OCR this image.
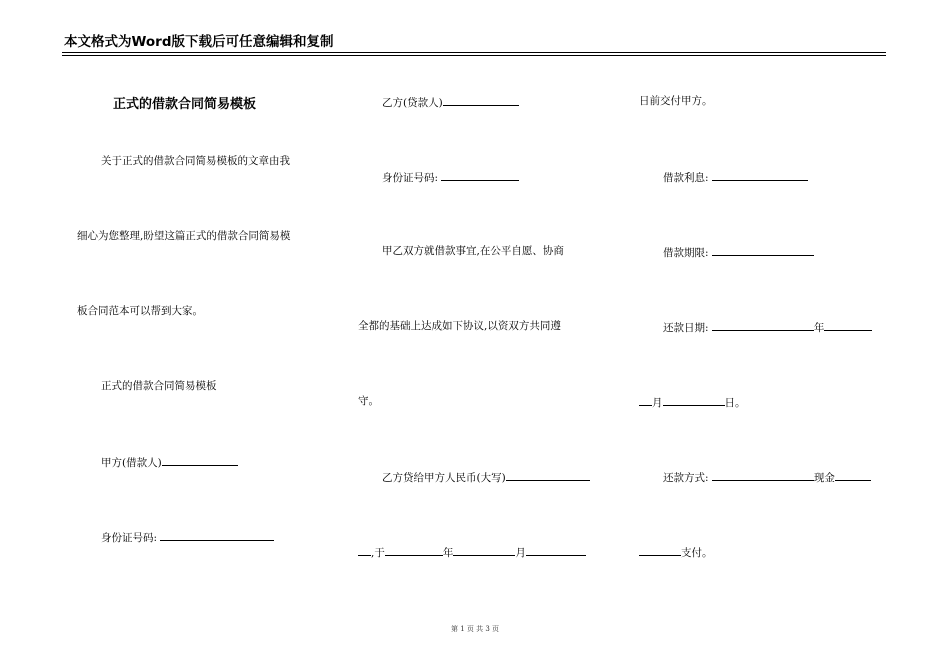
本文格式为Word版下载后可任意编辑和复制
正式的借款合同简易模板
关于正式的借款合同简易模板的文章由我
细心为您整理,盼望这篇正式的借款合同简易模
板合同范本可以帮到大家。
正式的借款合同简易模板
甲方(借款人)
身份证号码:
乙方(贷款人)
身份证号码:
甲乙双方就借款事宜,在公平自愿、协商
全都的基础上达成如下协议,以资双方共同遵
守。
乙方贷给甲方人民币(大写)
,于	年	月
日前交付甲方。
借款利息:
借款期限:
还款日期:	年
月	日。
还款方式:	现金
支付。
第 1 页 共 3 页
